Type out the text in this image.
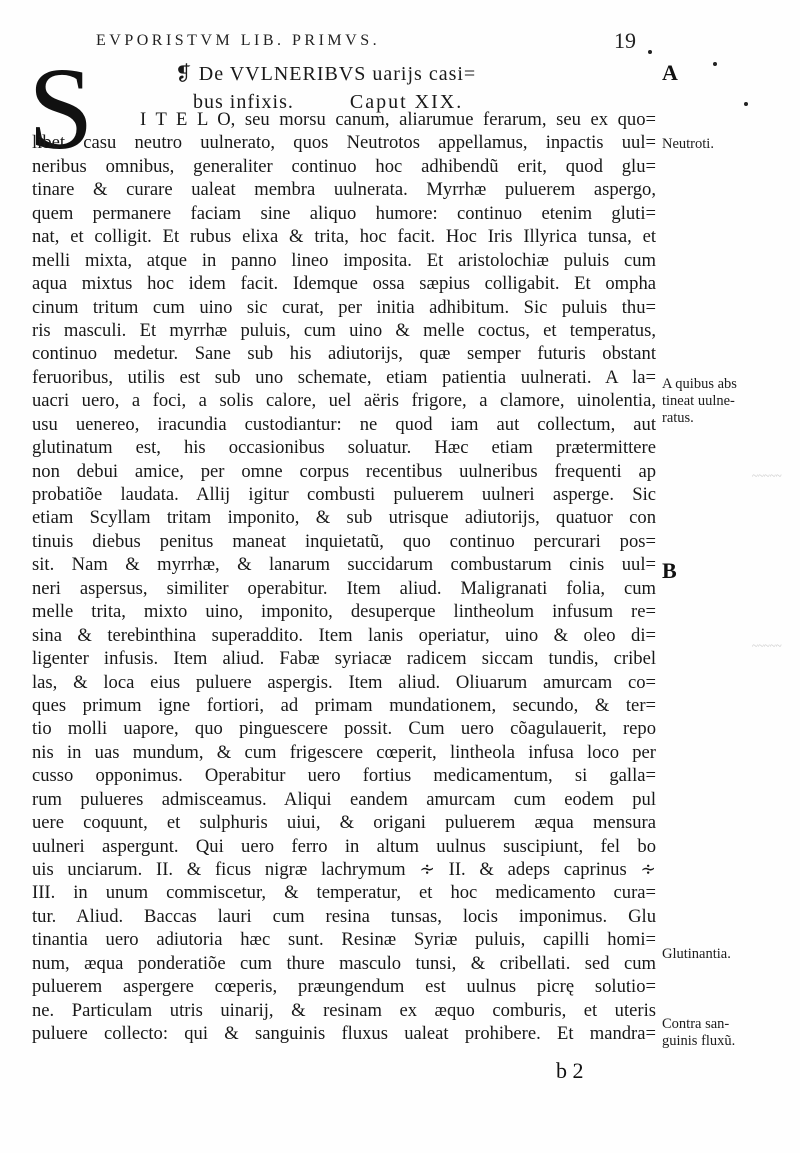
EVPORISTVM LIB. PRIMVS.	19
S	❡ De VVLNERIBVS uarijs casi=
bus infixis.	Caput XIX.
I T E L O, seu morsu canum, aliarumue ferarum, seu ex quo=
libet casu neutro uulnerato, quos Neutrotos appellamus, inpactis uul=
neribus omnibus, generaliter continuo hoc adhibendũ erit, quod glu=
tinare & curare ualeat membra uulnerata. Myrrhæ puluerem aspergo,
quem permanere faciam sine aliquo humore: continuo etenim gluti=
nat, et colligit. Et rubus elixa & trita, hoc facit. Hoc Iris Illyrica tunsa, et
melli mixta, atque in panno lineo imposita. Et aristolochiæ puluis cum
aqua mixtus hoc idem facit. Idemque ossa sæpius colligabit. Et ompha
cinum tritum cum uino sic curat, per initia adhibitum. Sic puluis thu=
ris masculi. Et myrrhæ puluis, cum uino & melle coctus, et temperatus,
continuo medetur. Sane sub his adiutorijs, quæ semper futuris obstant
feruoribus, utilis est sub uno schemate, etiam patientia uulnerati. A la=
uacri uero, a foci, a solis calore, uel aëris frigore, a clamore, uinolentia,
usu uenereo, iracundia custodiantur: ne quod iam aut collectum, aut
glutinatum est, his occasionibus soluatur. Hæc etiam prætermittere
non debui amice, per omne corpus recentibus uulneribus frequenti ap
probatiõe laudata. Allij igitur combusti puluerem uulneri asperge. Sic
etiam Scyllam tritam imponito, & sub utrisque adiutorijs, quatuor con
tinuis diebus penitus maneat inquietatũ, quo continuo percurari pos=
sit. Nam & myrrhæ, & lanarum succidarum combustarum cinis uul=
neri aspersus, similiter operabitur. Item aliud. Maligranati folia, cum
melle trita, mixto uino, imponito, desuperque lintheolum infusum re=
sina & terebinthina superaddito. Item lanis operiatur, uino & oleo di=
ligenter infusis. Item aliud. Fabæ syriacæ radicem siccam tundis, cribel
las, & loca eius puluere aspergis. Item aliud. Oliuarum amurcam co=
ques primum igne fortiori, ad primam mundationem, secundo, & ter=
tio molli uapore, quo pinguescere possit. Cum uero cõagulauerit, repo
nis in uas mundum, & cum frigescere cœperit, lintheola infusa loco per
cusso opponimus. Operabitur uero fortius medicamentum, si galla=
rum pulueres admisceamus. Aliqui eandem amurcam cum eodem pul
uere coquunt, et sulphuris uiui, & origani puluerem æqua mensura
uulneri aspergunt. Qui uero ferro in altum uulnus suscipiunt, fel bo
uis unciarum. II. & ficus nigræ lachrymum ∻ II. & adeps caprinus ∻
III. in unum commiscetur, & temperatur, et hoc medicamento cura=
tur. Aliud. Baccas lauri cum resina tunsas, locis imponimus. Glu
tinantia uero adiutoria hæc sunt. Resinæ Syriæ puluis, capilli homi=
num, æqua ponderatiõe cum thure masculo tunsi, & cribellati. sed cum
puluerem aspergere cœperis, præungendum est uulnus picrę solutio=
ne. Particulam utris uinarij, & resinam ex æquo comburis, et uteris
puluere collecto: qui & sanguinis fluxus ualeat prohibere. Et mandra=
A
Neutroti.
A quibus abs
tineat uulne-
ratus.
B
Glutinantia.
Contra san-
guinis fluxũ.
~~~~~
~~~~~
b 2
